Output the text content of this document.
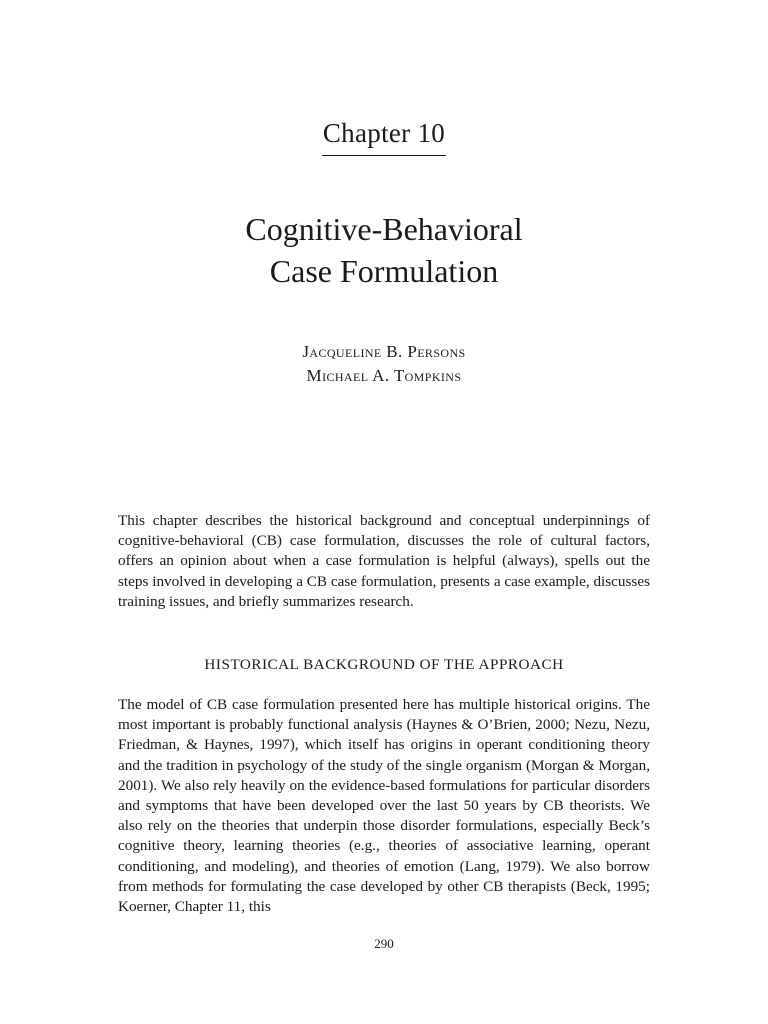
Chapter 10
Cognitive-Behavioral
Case Formulation
Jacqueline B. Persons
Michael A. Tompkins
This chapter describes the historical background and conceptual underpinnings of cognitive-behavioral (CB) case formulation, discusses the role of cultural factors, offers an opinion about when a case formulation is helpful (always), spells out the steps involved in developing a CB case formulation, presents a case example, discusses training issues, and briefly summarizes research.
HISTORICAL BACKGROUND OF THE APPROACH
The model of CB case formulation presented here has multiple historical origins. The most important is probably functional analysis (Haynes & O’Brien, 2000; Nezu, Nezu, Friedman, & Haynes, 1997), which itself has origins in operant conditioning theory and the tradition in psychology of the study of the single organism (Morgan & Morgan, 2001). We also rely heavily on the evidence-based formulations for particular disorders and symptoms that have been developed over the last 50 years by CB theorists. We also rely on the theories that underpin those disorder formulations, especially Beck’s cognitive theory, learning theories (e.g., theories of associative learning, operant conditioning, and modeling), and theories of emotion (Lang, 1979). We also borrow from methods for formulating the case developed by other CB therapists (Beck, 1995; Koerner, Chapter 11, this
290
